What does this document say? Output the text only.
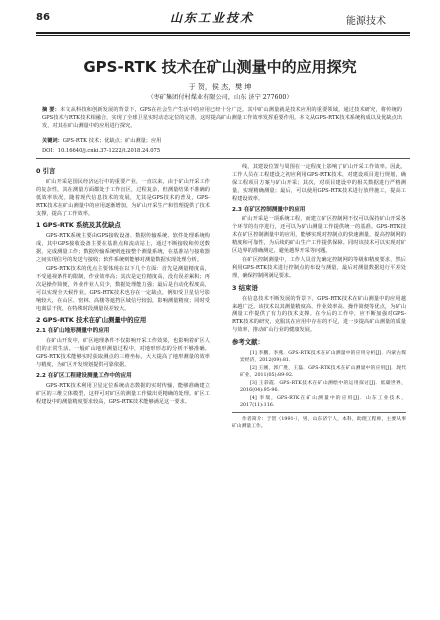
86	山东工业技术	能源技术
GPS-RTK 技术在矿山测量中的应用探究
于 贺，侯 杰，樊 坤
（枣矿集团付村煤业有限公司，山东 济宁 277600）
摘 要：本文从科技和创新发展的背景下，GPS在社会生产生活中的应用已经十分广泛。其中矿山测量就是技术应用的重要领域，通过技术研究，将传统的GPS技术与RTK技术相融合，实现了全球卫星实时动态定位的完善，这时提高矿山测量工作效率发挥重要作用。本文从GPS-RTK技术系统构成以及优缺点出发，对其在矿山测量中的应用进行探究。
关键词：GPS-RTK 技术；优缺点；矿山测量；应用
DOI：10.16640/j.cnki.37-1222/t.2018.24.075
0 引言

矿山开采是国民经济运行中的重要产业，一直以来，由于矿山开采工作的复杂性，其在测量方面都处于工作盲区，过程复杂，但测量结果不准确的低效率状况。随着现代信息技术的发展，尤其是GPS技术的普及，GPS-RTK技术在矿山测量中的应用逐渐增加，为矿山开采生产和管理提供了技术支撑，提高了工作效率。

1 GPS-RTK 系统及其优缺点

GPS-RTK系统主要由GPS接收设备、数据传输系统、软件处理系统构成，其中GPS接收设备主要在基准点和流动站上，通过不断接收和传送数据，完成测量工作；数据传输系统则连接整个测量系统，在基准站与接收器之间实现信号的发送与接收；软件系统则能够对测量数据实现处理分析。

GPS-RTK技术的优点主要体现在以下几个方面：首先是测量精度高，不受通视条件的限制，作业效率高；其次是定位精度高，没有误差累积；再次是操作简便，外业作业人员少，数据处理能力强；最后是自动化程度高，可以实现全天候作业。GPS-RTK技术也存在一定缺点，例如受卫星信号影响较大，在山区、密林、高楼等遮挡区域信号较弱，影响测量精度；同时受电离层干扰，在特殊时段测量误差较大。

2 GPS-RTK 技术在矿山测量中的应用
2.1 在矿山地形测量中的应用

在矿山开发中，矿区地理条件不仅影响开采工作效果，也影响着矿区人们的正常生活。一般矿山地形测量过程中，对地形形态的分析不够准确。GPS-RTK技术能够实时获取测点的三维坐标，大大提高了地形测量的效率与精度，为矿区开发规划提供可靠依据。

2.2 在矿区工程建设测量工作中的应用

GPS-RTK技术利用卫星定位系统动态数据的实时传输，能够准确建立矿区的三维立体模型，这样可对矿区的测量工作做出更精确的处理。矿区工程建设中的测量精度要求较高，GPS-RTK技术能够满足这一要求。

线，其建设位置与周围在一定程度上影响了矿山开采工作效率。因此，工作人员在工程建设之初应利用GPS-RTK技术，对建设项目进行规划，确保工程项目方案与矿山开采；其次，对项目建设中的相关数据进行严格测量，实现精确测量；最后，可以使用GPS-RTK技术进行放样施工，提高工程建设效率。

2.3 在矿区控制测量中的应用

矿山开采是一项系统工程，而建立矿区控制网不仅可以保持矿山开采各个环节的有序进行，还可以为矿山测量工作提供统一的基准。GPS-RTK技术在矿区控制测量中的应用，能够实现对控制点的快速测量，提高控制网的精度和可靠性，为后续的矿山生产工作提供保障。同时该技术可以实现对矿区边界的准确测定，避免越界开采等问题。

在矿区控制测量中，工作人员首先确定控制网的等级和精度要求，然后利用GPS-RTK技术进行控制点的布设与测量，最后对测量数据进行平差处理，确保控制网满足要求。

3 结束语

在信息技术不断发展的背景下，GPS-RTK技术在矿山测量中的应用越来越广泛。该技术以其测量精度高、作业效率高、操作简便等优点，为矿山测量工作提供了有力的技术支撑。在今后的工作中，应不断加强对GPS-RTK技术的研究，克服其在应用中存在的不足，进一步提高矿山测量的质量与效率，推动矿山行业的健康发展。

参考文献：

[1] 李鹏，李燕．GPS-RTK技术在矿山测量中的应用分析[J]．内蒙古煤炭经济，2012(09):81.

[2] 王刚，郭广胜，王磊．GPS-RTK技术在矿山测量中的应用[J]．现代矿业，2011(05):89-92.

[3] 王彩霞．GPS-RTK技术在矿山测绘中的运用探讨[J]．低碳世界，2016(04):95-96.

[4] 李瑞，GPS-RTK在矿山测量中的应用[J]．山东工业技术，2017(11):116.

作者简介：于贺（1991-），男，山东济宁人，本科，助理工程师，主要从事矿山测量工作。
